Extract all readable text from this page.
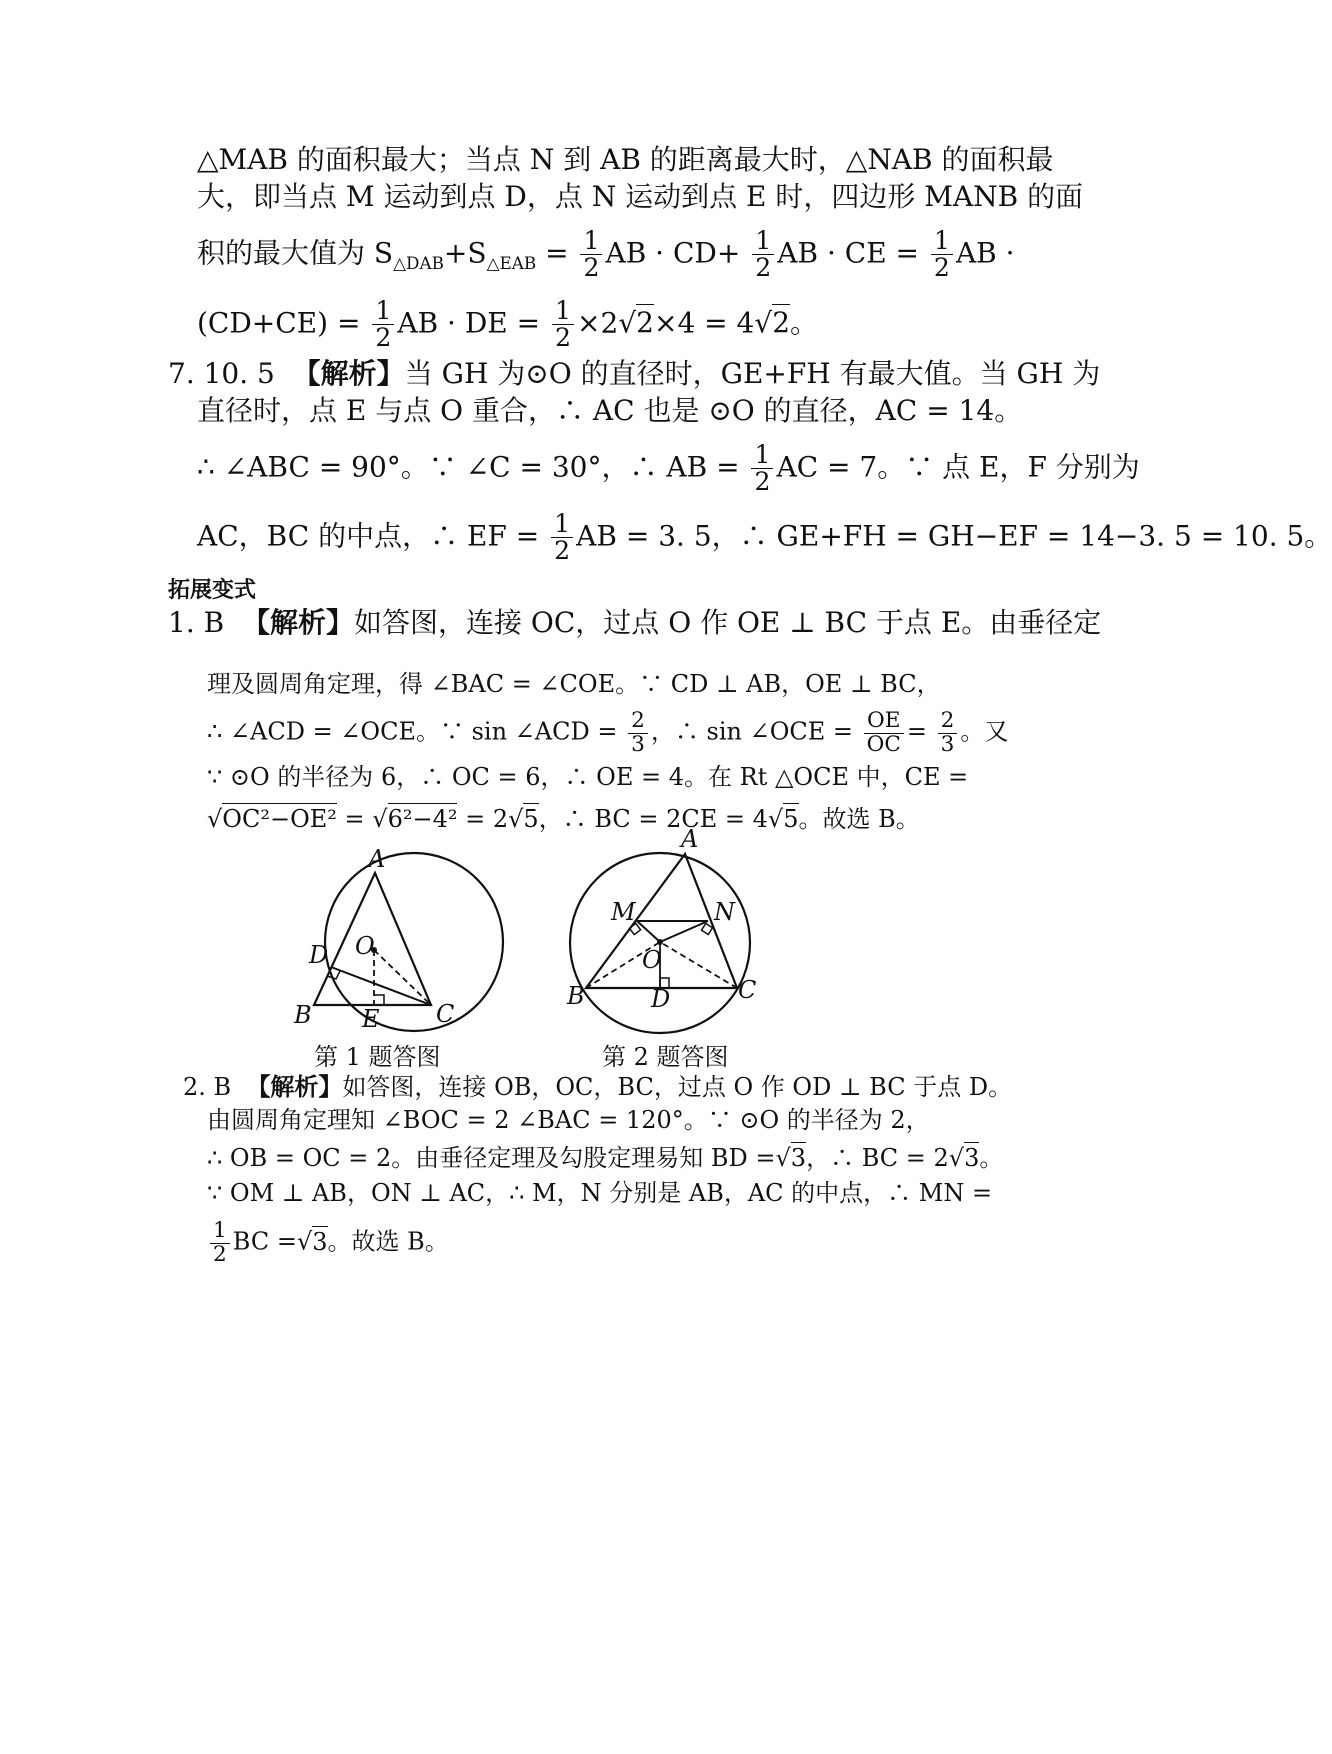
△MAB 的面积最大；当点 N 到 AB 的距离最大时，△NAB 的面积最
大，即当点 M 运动到点 D，点 N 运动到点 E 时，四边形 MANB 的面
积的最大值为 $S_{\triangle DAB}+S_{\triangle EAB} = \frac{1}{2}$ AB · $CD+ \frac{1}{2}$ AB · CE = $\frac{1}{2}$ AB ·
$(CD+CE) = \frac{1}{2}$ AB · DE = $\frac{1}{2} \times 2√2\times 4 = 4√2$。
7. 10. 5 【解析】当 GH 为⊙O 的直径时，GE+FH 有最大值。当 GH 为
直径时，点 E 与点 O 重合，∴ AC 也是 ⊙O 的直径，AC = 14。
∴ ∠ABC = 90°。∵ ∠C = 30°，∴ AB = $\frac{1}{2}$ AC = 7。∵ 点 E，F 分别为
AC，BC 的中点，∴ EF = $\frac{1}{2}$ AB = 3. 5，∴ GE+FH = GH−EF = 14−3. 5 = 10. 5。
拓展变式
1. B 【解析】如答图，连接 OC，过点 O 作 OE ⊥ BC 于点 E。由垂径定
理及圆周角定理，得 ∠BAC = ∠COE。∵ CD ⊥ AB，OE ⊥ BC，
∴ ∠ACD = ∠OCE。∵ sin ∠ACD = $\frac{2}{3}$ ，∴ sin ∠OCE = $\frac{OE}{OC} = \frac{2}{3}$ 。又
∵ ⊙O 的半径为 6，∴ OC = 6，∴ OE = 4。在 Rt △OCE 中，CE =
√OC²−OE² = √6²−4² = 2√5，∴ BC = 2CE = 4√5。故选 B。
A
D O
B E C
第 1 题答图
A
M	N
O
B	D	C
第 2 题答图
2. B 【解析】如答图，连接 OB，OC，BC，过点 O 作 OD ⊥ BC 于点 D。
由圆周角定理知 ∠BOC = 2 ∠BAC = 120°。∵ ⊙O 的半径为 2，
∴ OB = OC = 2。由垂径定理及勾股定理易知 BD =√3，∴ BC = 2√3。
∵ OM ⊥ AB，ON ⊥ AC，∴ M，N 分别是 AB，AC 的中点，∴ MN =
$\frac{1}{2}$ BC =√3。故选 B。
